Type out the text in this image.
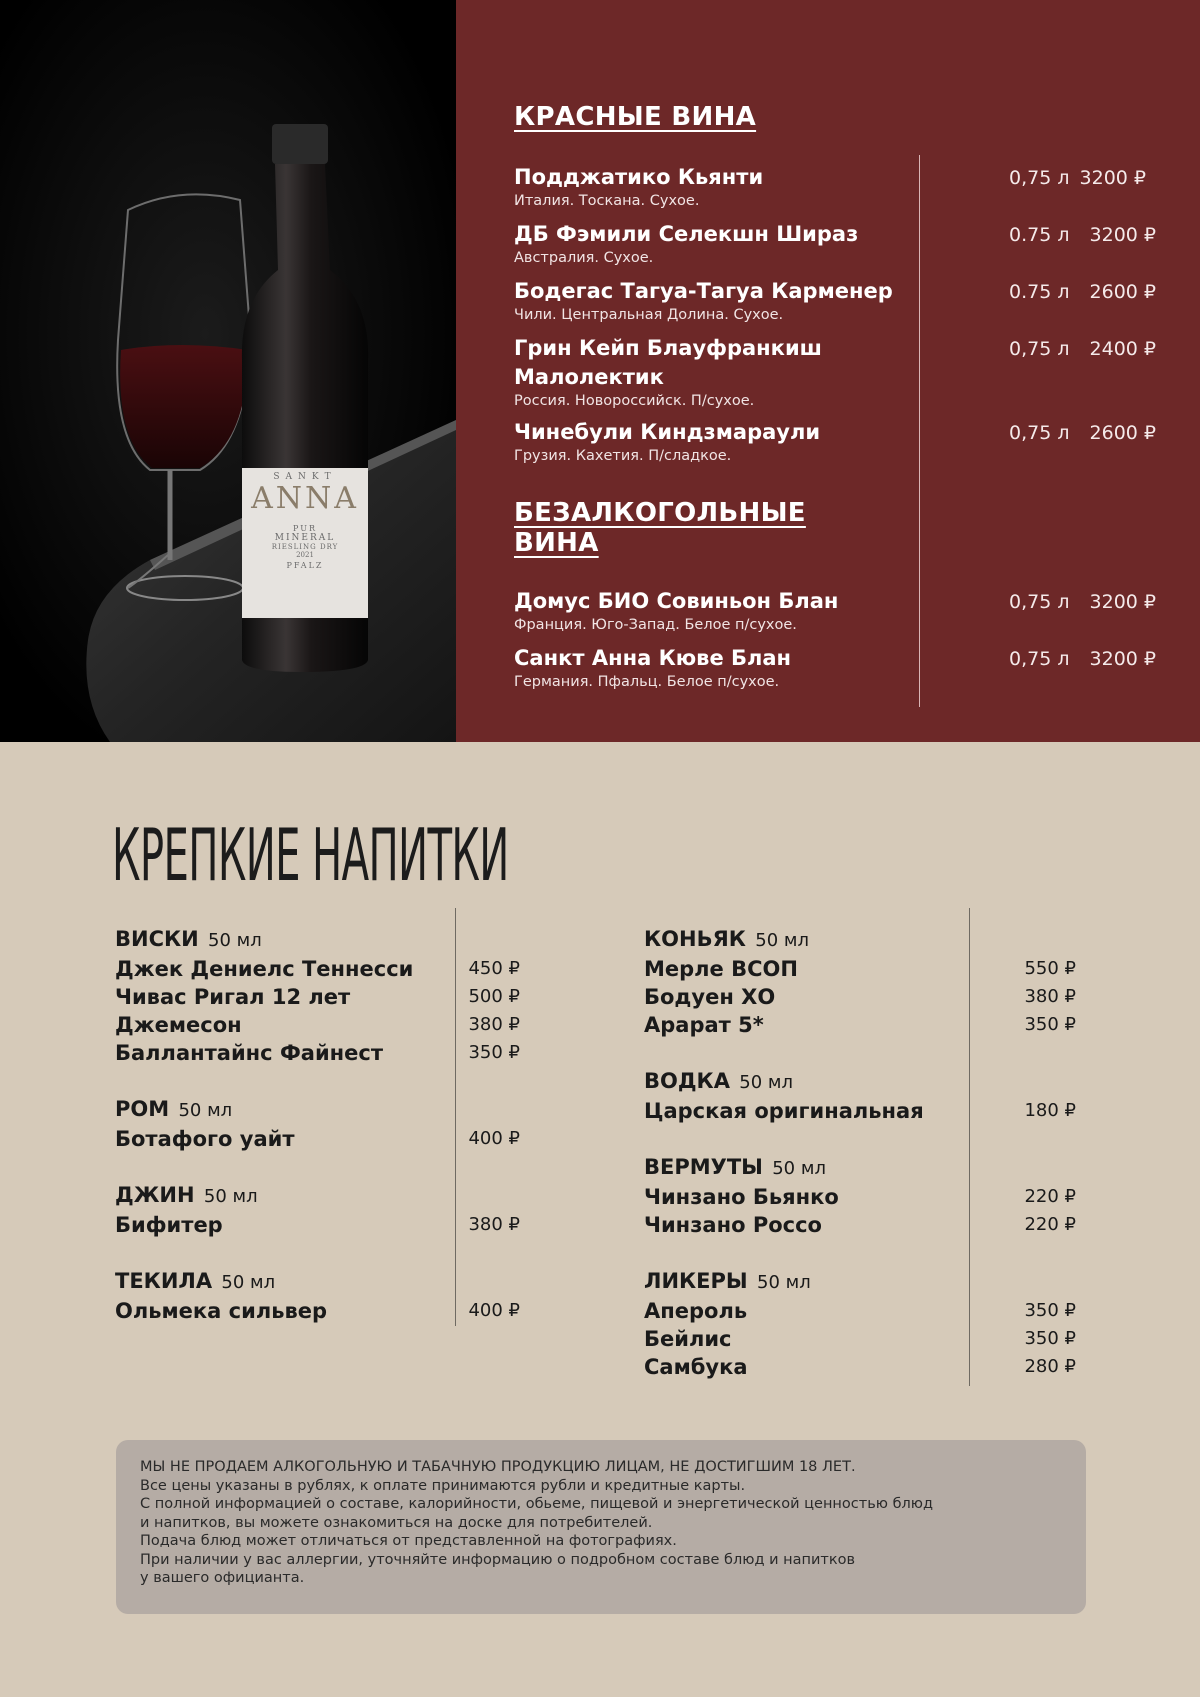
SANKT
ANNA
PUR
MINERAL
RIESLING DRY
2021
PFALZ
КРАСНЫЕ ВИНА
Подджатико Кьянти
Италия. Тоскана. Сухое.
0,75 л 3200 ₽
ДБ Фэмили Селекшн Шираз
Австралия. Сухое.
0.75 л	3200 ₽
Бодегас Тагуа-Тагуа Карменер
Чили. Центральная Долина. Сухое.
0.75 л	2600 ₽
Грин Кейп Блауфранкиш Малолектик
Россия. Новороссийск. П/сухое.
0,75 л	2400 ₽
Чинебули Киндзмараули
Грузия. Кахетия. П/сладкое.
0,75 л	2600 ₽
БЕЗАЛКОГОЛЬНЫЕ
ВИНА
Домус БИО Совиньон Блан
Франция. Юго-Запад. Белое п/сухое.
0,75 л	3200 ₽
Санкт Анна Кюве Блан
Германия. Пфальц. Белое п/сухое.
0,75 л	3200 ₽
КРЕПКИЕ НАПИТКИ
ВИСКИ 50 мл
Джек Дениелс Теннесси	450 ₽
Чивас Ригал 12 лет	500 ₽
Джемесон	380 ₽
Баллантайнс Файнест	350 ₽
РОМ 50 мл
Ботафого уайт	400 ₽
ДЖИН 50 мл
Бифитер	380 ₽
ТЕКИЛА 50 мл
Ольмека сильвер	400 ₽
КОНЬЯК 50 мл
Мерле ВСОП	550 ₽
Бодуен ХО	380 ₽
Арарат 5*	350 ₽
ВОДКА 50 мл
Царская оригинальная	180 ₽
ВЕРМУТЫ 50 мл
Чинзано Бьянко	220 ₽
Чинзано Россо	220 ₽
ЛИКЕРЫ 50 мл
Апероль	350 ₽
Бейлис	350 ₽
Самбука	280 ₽
МЫ НЕ ПРОДАЕМ АЛКОГОЛЬНУЮ И ТАБАЧНУЮ ПРОДУКЦИЮ ЛИЦАМ, НЕ ДОСТИГШИМ 18 ЛЕТ.
Все цены указаны в рублях, к оплате принимаются рубли и кредитные карты.
С полной информацией о составе, калорийности, обьеме, пищевой и энергетической ценностью блюд
и напитков, вы можете ознакомиться на доске для потребителей.
Подача блюд может отличаться от представленной на фотографиях.
При наличии у вас аллергии, уточняйте информацию о подробном составе блюд и напитков
у вашего официанта.
